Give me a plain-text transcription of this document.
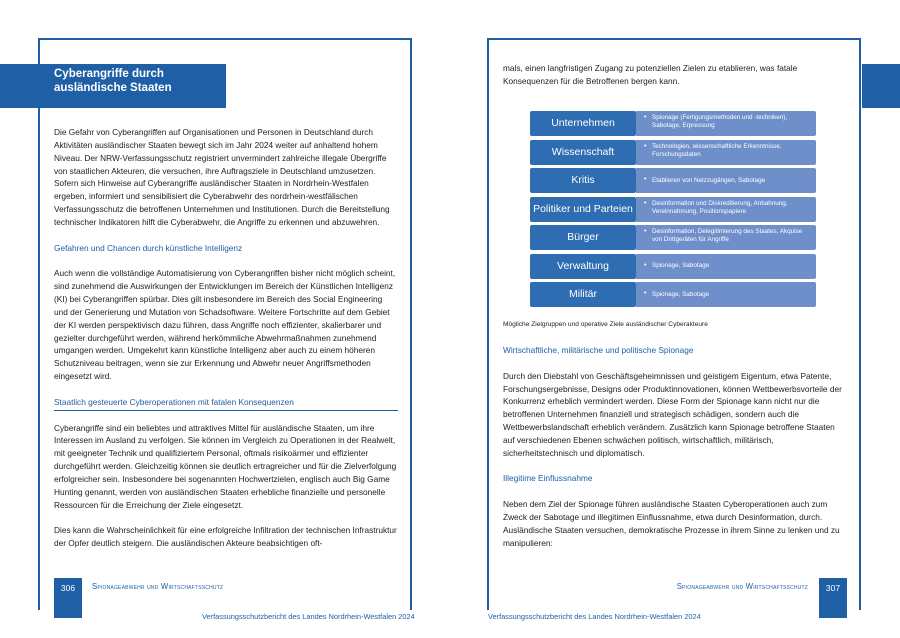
Cyberangriffe durch ausländische Staaten

Die Gefahr von Cyberangriffen auf Organisationen und Personen in Deutschland durch Aktivitäten ausländischer Staaten bewegt sich im Jahr 2024 weiter auf anhaltend hohem Niveau. Der NRW-Verfassungsschutz registriert unvermindert zahlreiche illegale Übergriffe von staatlichen Akteuren, die versuchen, ihre Auftragsziele in Deutschland umzusetzen. Sofern sich Hinweise auf Cyberangriffe ausländischer Staaten in Nordrhein-Westfalen ergeben, informiert und sensibilisiert die Cyberabwehr des nordrhein-westfälischen Verfassungsschutz die betroffenen Unternehmen und Institutionen. Durch die Bereitstellung technischer Indikatoren hilft die Cyberabwehr, die Angriffe zu erkennen und abzuwehren.

Gefahren und Chancen durch künstliche Intelligenz

Auch wenn die vollständige Automatisierung von Cyberangriffen bisher nicht möglich scheint, sind zunehmend die Auswirkungen der Entwicklungen im Bereich der Künstlichen Intelligenz (KI) bei Cyberangriffen spürbar. Dies gilt insbesondere im Bereich des Social Engineering und der Generierung und Mutation von Schadsoftware. Weitere Fortschritte auf dem Gebiet der KI werden perspektivisch dazu führen, dass Angriffe noch effizienter, skalierbarer und gezielter durchgeführt werden, während herkömmliche Abwehrmaßnahmen zunehmend umgangen werden. Umgekehrt kann künstliche Intelligenz aber auch zu einem höheren Schutzniveau beitragen, wenn sie zur Erkennung und Abwehr neuer Angriffsmethoden eingesetzt wird.

Staatlich gesteuerte Cyberoperationen mit fatalen Konsequenzen

Cyberangriffe sind ein beliebtes und attraktives Mittel für ausländische Staaten, um ihre Interessen im Ausland zu verfolgen. Sie können im Vergleich zu Operationen in der Realwelt, mit geeigneter Technik und qualifiziertem Personal, oftmals risikoärmer und effizienter durchgeführt werden. Gleichzeitig können sie deutlich ertragreicher und für die Zielverfolgung erfolgreicher sein. Insbesondere bei sogenannten Hochwertzielen, englisch auch Big Game Hunting genannt, werden von ausländischen Staaten erhebliche finanzielle und personelle Ressourcen für die Erreichung der Ziele eingesetzt.

Dies kann die Wahrscheinlichkeit für eine erfolgreiche Infiltration der technischen Infrastruktur der Opfer deutlich steigern. Die ausländischen Akteure beabsichtigen oft-

mals, einen langfristigen Zugang zu potenziellen Zielen zu etablieren, was fatale Konsequenzen für die Betroffenen bergen kann.

Unternehmen	• Spionage (Fertigungsmethoden und -techniken), Sabotage, Erpressung
Wissenschaft	• Technologien, wissenschaftliche Erkenntnisse, Forschungsdaten
Kritis	• Etablieren von Netzzugängen, Sabotage
Politiker und Parteien	• Desinformation und Diskreditierung, Anbahnung, Vereinnahmung, Positionspapiere
Bürger	• Desinformation, Delegitimierung des Staates, Akquise von Drittgeräten für Angriffe
Verwaltung	• Spionage, Sabotage
Militär	• Spionage, Sabotage
Mögliche Zielgruppen und operative Ziele ausländischer Cyberakteure
Wirtschaftliche, militärische und politische Spionage

Durch den Diebstahl von Geschäftsgeheimnissen und geistigem Eigentum, etwa Patente, Forschungsergebnisse, Designs oder Produktinnovationen, können Wettbewerbsvorteile der Konkurrenz erheblich vermindert werden. Diese Form der Spionage kann nicht nur die betroffenen Unternehmen finanziell und strategisch schädigen, sondern auch die Wettbewerbslandschaft erheblich verändern. Zusätzlich kann Spionage betroffene Staaten auf verschiedenen Ebenen schwächen politisch, wirtschaftlich, militärisch, sicherheitstechnisch und diplomatisch.

Illegitime Einflussnahme

Neben dem Ziel der Spionage führen ausländische Staaten Cyberoperationen auch zum Zweck der Sabotage und illegitimen Einflussnahme, etwa durch Desinformation, durch. Ausländische Staaten versuchen, demokratische Prozesse in ihrem Sinne zu lenken und zu manipulieren:

306	Spionageabwehr und Wirtschaftsschutz	307
Spionageabwehr und Wirtschaftsschutz
Verfassungsschutzbericht des Landes Nordrhein-Westfalen 2024	Verfassungsschutzbericht des Landes Nordrhein-Westfalen 2024
